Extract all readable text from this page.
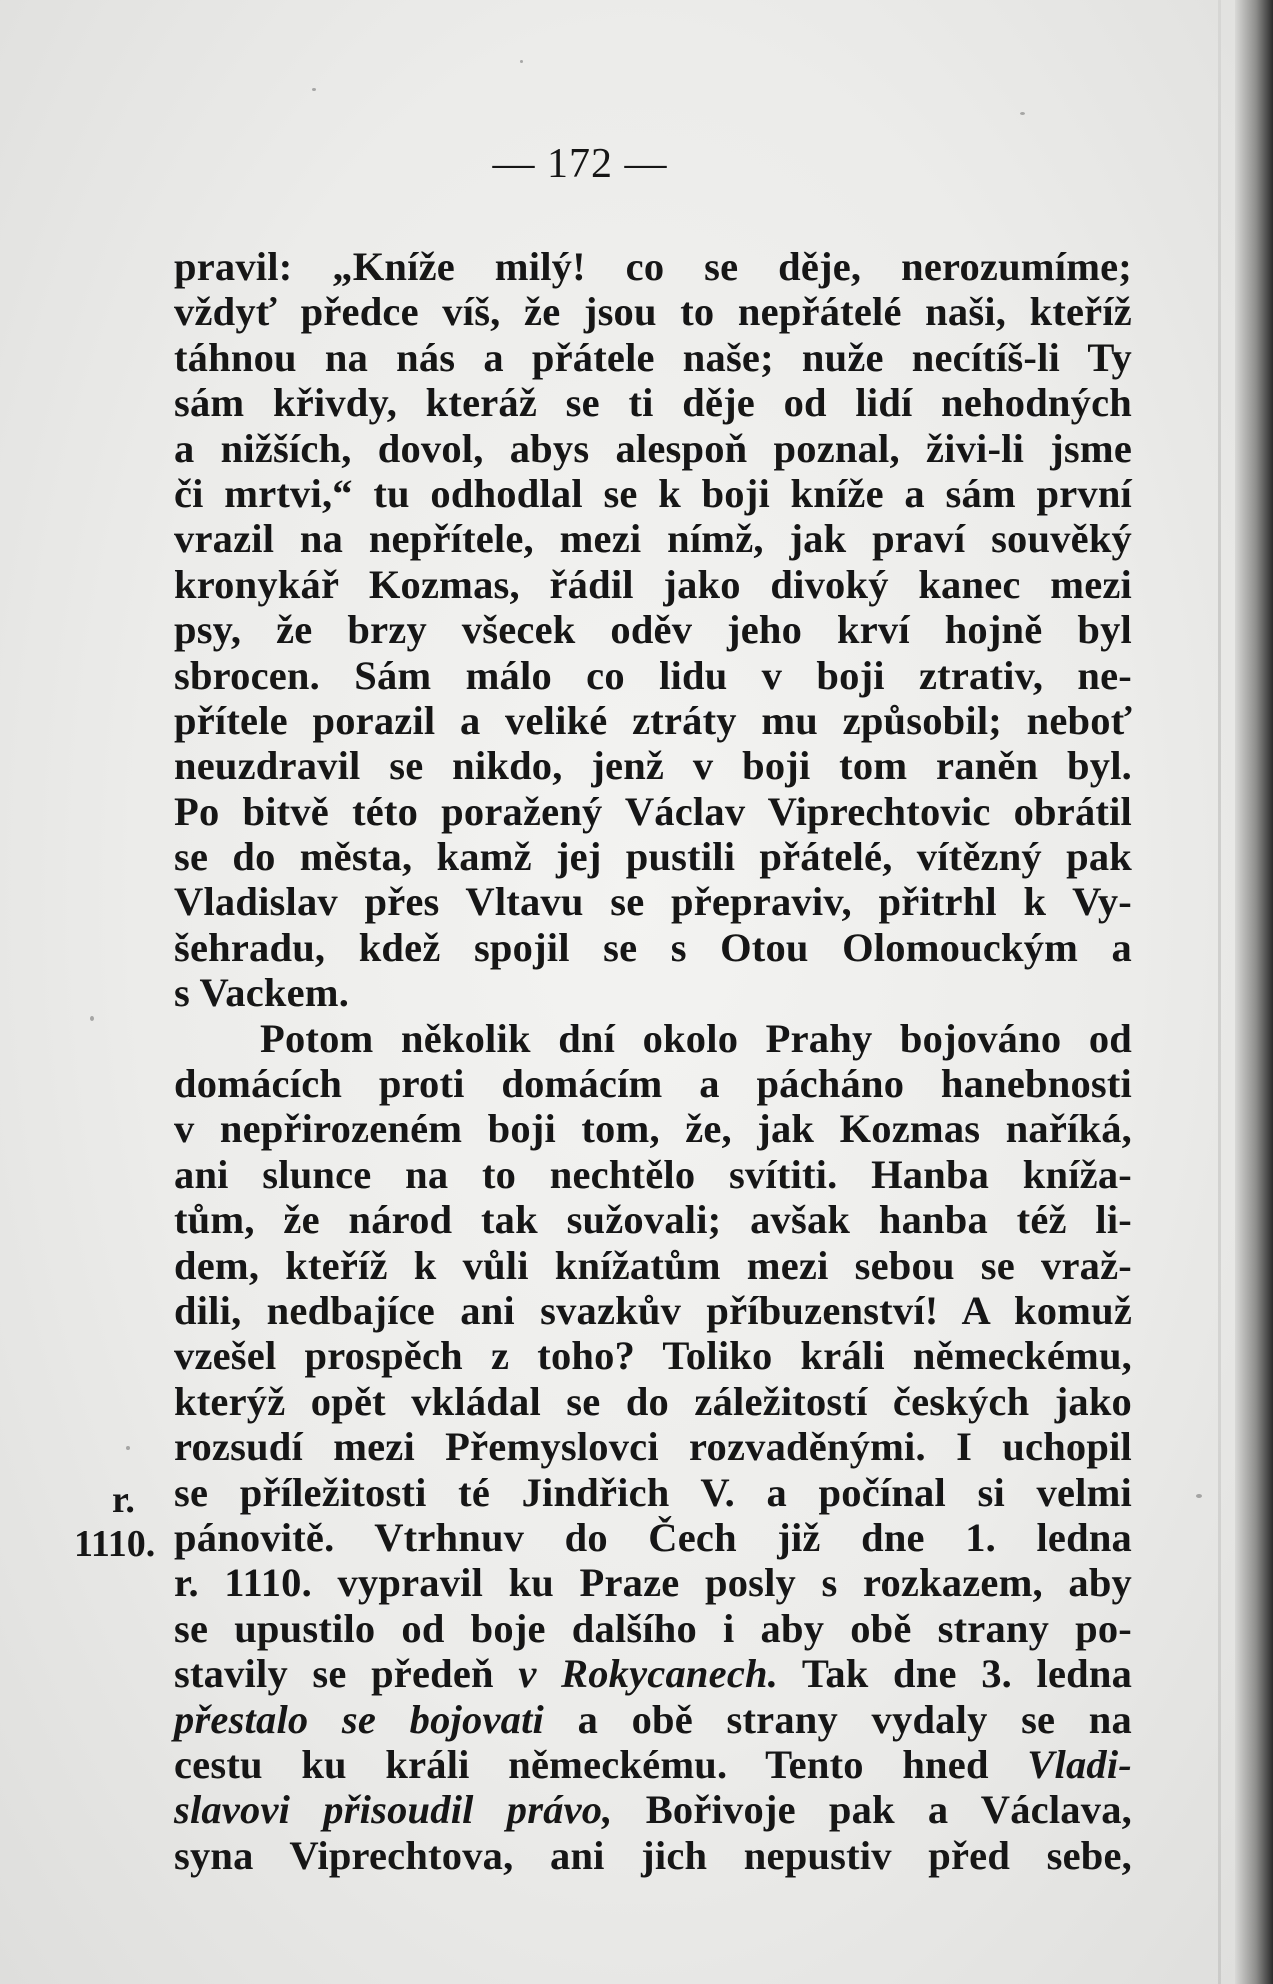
— 172 —
r.
1110.
pravil: „Kníže milý! co se děje, nerozumíme;
vždyť předce víš, že jsou to nepřátelé naši, kteříž
táhnou na nás a přátele naše; nuže necítíš-li Ty
sám křivdy, kteráž se ti děje od lidí nehodných
a nižších, dovol, abys alespoň poznal, živi-li jsme
či mrtvi,“ tu odhodlal se k boji kníže a sám první
vrazil na nepřítele, mezi nímž, jak praví souvěký
kronykář Kozmas, řádil jako divoký kanec mezi
psy, že brzy všecek oděv jeho krví hojně byl
sbrocen. Sám málo co lidu v boji ztrativ, ne-
přítele porazil a veliké ztráty mu způsobil; neboť
neuzdravil se nikdo, jenž v boji tom raněn byl.
Po bitvě této poražený Václav Viprechtovic obrátil
se do města, kamž jej pustili přátelé, vítězný pak
Vladislav přes Vltavu se přepraviv, přitrhl k Vy-
šehradu, kdež spojil se s Otou Olomouckým a
s Vackem.
Potom několik dní okolo Prahy bojováno od
domácích proti domácím a pácháno hanebnosti
v nepřirozeném boji tom, že, jak Kozmas naříká,
ani slunce na to nechtělo svítiti. Hanba kníža-
tům, že národ tak sužovali; avšak hanba též li-
dem, kteříž k vůli knížatům mezi sebou se vraž-
dili, nedbajíce ani svazkův příbuzenství! A komuž
vzešel prospěch z toho? Toliko králi německému,
kterýž opět vkládal se do záležitostí českých jako
rozsudí mezi Přemyslovci rozvaděnými. I uchopil
se příležitosti té Jindřich V. a počínal si velmi
pánovitě. Vtrhnuv do Čech již dne 1. ledna
r. 1110. vypravil ku Praze posly s rozkazem, aby
se upustilo od boje dalšího i aby obě strany po-
stavily se předeň v Rokycanech. Tak dne 3. ledna
přestalo se bojovati a obě strany vydaly se na
cestu ku králi německému. Tento hned Vladi-
slavovi přisoudil právo, Bořivoje pak a Václava,
syna Viprechtova, ani jich nepustiv před sebe,
